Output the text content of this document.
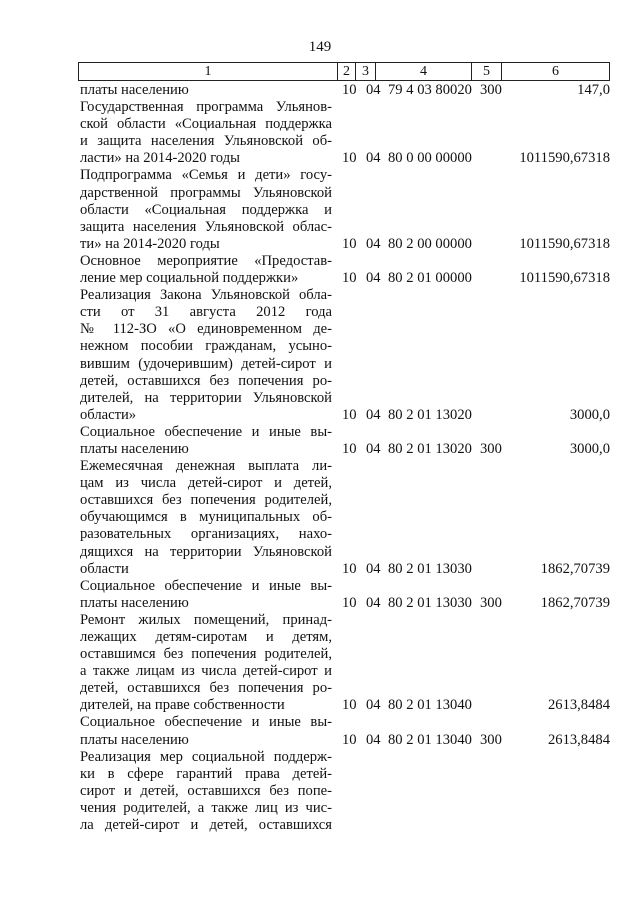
149
1	2 3	4	5	6
платы населению	10 04 79 4 03 80020 300	147,0
Государственная программа Ульянов-
ской области «Социальная поддержка
и защита населения Ульяновской об-
ласти» на 2014-2020 годы	10 04 80 0 00 00000	1011590,67318
Подпрограмма «Семья и дети» госу-
дарственной программы Ульяновской
области «Социальная поддержка и
защита населения Ульяновской облас-
ти» на 2014-2020 годы	10 04 80 2 00 00000	1011590,67318
Основное мероприятие «Предостав-
ление мер социальной поддержки»	10 04 80 2 01 00000	1011590,67318
Реализация Закона Ульяновской обла-
сти от 31 августа 2012 года
№ 112-ЗО «О единовременном де-
нежном пособии гражданам, усыно-
вившим (удочерившим) детей-сирот и
детей, оставшихся без попечения ро-
дителей, на территории Ульяновской
области»	10 04 80 2 01 13020	3000,0
Социальное обеспечение и иные вы-
платы населению	10 04 80 2 01 13020 300	3000,0
Ежемесячная денежная выплата ли-
цам из числа детей-сирот и детей,
оставшихся без попечения родителей,
обучающимся в муниципальных об-
разовательных организациях, нахо-
дящихся на территории Ульяновской
области	10 04 80 2 01 13030	1862,70739
Социальное обеспечение и иные вы-
платы населению	10 04 80 2 01 13030 300	1862,70739
Ремонт жилых помещений, принад-
лежащих детям-сиротам и детям,
оставшимся без попечения родителей,
а также лицам из числа детей-сирот и
детей, оставшихся без попечения ро-
дителей, на праве собственности	10 04 80 2 01 13040	2613,8484
Социальное обеспечение и иные вы-
платы населению	10 04 80 2 01 13040 300	2613,8484
Реализация мер социальной поддерж-
ки в сфере гарантий права детей-
сирот и детей, оставшихся без попе-
чения родителей, а также лиц из чис-
ла детей-сирот и детей, оставшихся
